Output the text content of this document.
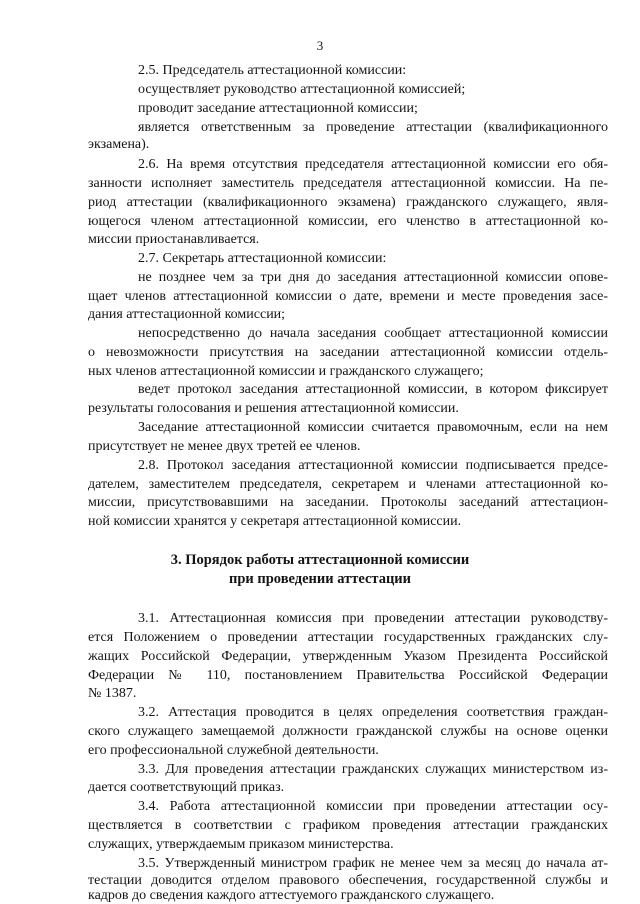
3
2.5. Председатель аттестационной комиссии:
осуществляет руководство аттестационной комиссией;
проводит заседание аттестационной комиссии;
является ответственным за проведение аттестации (квалификационного
экзамена).
2.6. На время отсутствия председателя аттестационной комиссии его обя-
занности исполняет заместитель председателя аттестационной комиссии. На пе-
риод аттестации (квалификационного экзамена) гражданского служащего, явля-
ющегося членом аттестационной комиссии, его членство в аттестационной ко-
миссии приостанавливается.
2.7. Секретарь аттестационной комиссии:
не позднее чем за три дня до заседания аттестационной комиссии опове-
щает членов аттестационной комиссии о дате, времени и месте проведения засе-
дания аттестационной комиссии;
непосредственно до начала заседания сообщает аттестационной комиссии
о невозможности присутствия на заседании аттестационной комиссии отдель-
ных членов аттестационной комиссии и гражданского служащего;
ведет протокол заседания аттестационной комиссии, в котором фиксирует
результаты голосования и решения аттестационной комиссии.
Заседание аттестационной комиссии считается правомочным, если на нем
присутствует не менее двух третей ее членов.
2.8. Протокол заседания аттестационной комиссии подписывается предсе-
дателем, заместителем председателя, секретарем и членами аттестационной ко-
миссии, присутствовавшими на заседании. Протоколы заседаний аттестацион-
ной комиссии хранятся у секретаря аттестационной комиссии.
3. Порядок работы аттестационной комиссии
при проведении аттестации
3.1. Аттестационная комиссия при проведении аттестации руководству-
ется Положением о проведении аттестации государственных гражданских слу-
жащих Российской Федерации, утвержденным Указом Президента Российской
Федерации № 110, постановлением Правительства Российской Федерации
№ 1387.
3.2. Аттестация проводится в целях определения соответствия граждан-
ского служащего замещаемой должности гражданской службы на основе оценки
его профессиональной служебной деятельности.
3.3. Для проведения аттестации гражданских служащих министерством из-
дается соответствующий приказ.
3.4. Работа аттестационной комиссии при проведении аттестации осу-
ществляется в соответствии с графиком проведения аттестации гражданских
служащих, утверждаемым приказом министерства.
3.5. Утвержденный министром график не менее чем за месяц до начала ат-
тестации доводится отделом правового обеспечения, государственной службы и
кадров до сведения каждого аттестуемого гражданского служащего.
